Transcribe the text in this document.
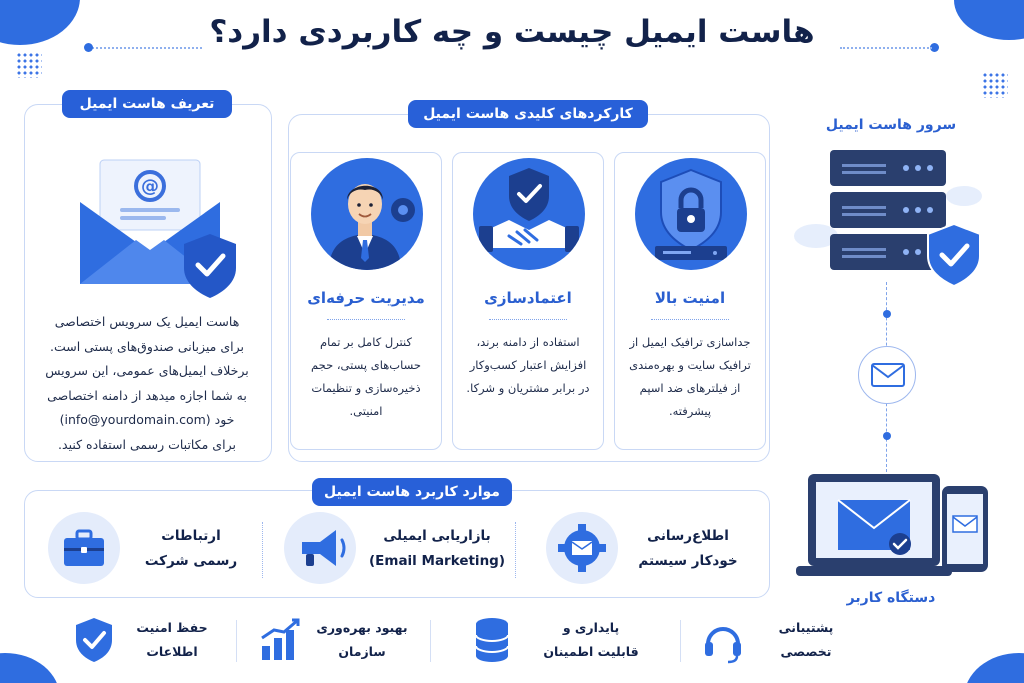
هاست ایمیل چیست و چه کاربردی دارد؟
تعریف هاست ایمیل
@
هاست ایمیل یک سرویس اختصاصی
برای میزبانی صندوق‌های پستی است.
برخلاف ایمیل‌های عمومی، این سرویس
به شما اجازه میدهد از دامنه اختصاصی
خود (info@yourdomain.com)
برای مکاتبات رسمی استفاده کنید.
کارکردهای کلیدی هاست ایمیل
امنیت بالا
جداسازی ترافیک ایمیل از
ترافیک سایت و بهره‌مندی
از فیلترهای ضد اسپم
پیشرفته.
اعتمادسازی
استفاده از دامنه برند،
افزایش اعتبار کسب‌وکار
در برابر مشتریان و شرکا.
مدیریت حرفه‌ای
کنترل کامل بر تمام
حساب‌های پستی، حجم
ذخیره‌سازی و تنظیمات
امنیتی.
سرور هاست ایمیل
دستگاه کاربر
موارد کاربرد هاست ایمیل
اطلاع‌رسانی
خودکار سیستم
بازاریابی ایمیلی
(Email Marketing)
ارتباطات
رسمی شرکت
پشتیبانی
تخصصی
پایداری و
قابلیت اطمینان
بهبود بهره‌وری
سازمان
حفظ امنیت
اطلاعات
